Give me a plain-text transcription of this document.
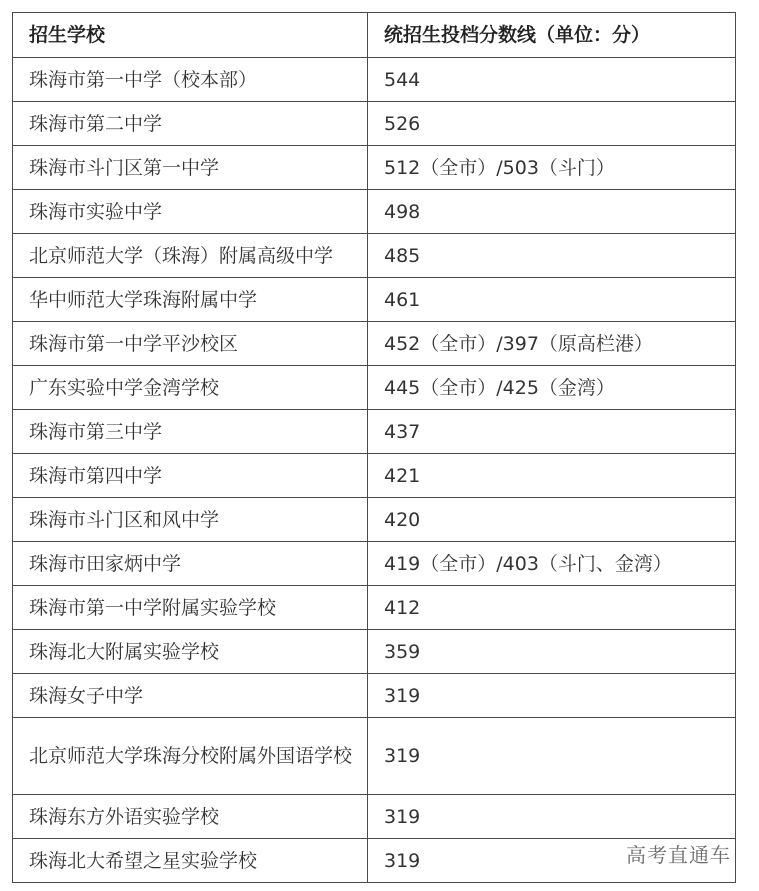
招生学校	统招生投档分数线（单位：分）
珠海市第一中学（校本部）	544
珠海市第二中学	526
珠海市斗门区第一中学	512（全市）/503（斗门）
珠海市实验中学	498
北京师范大学（珠海）附属高级中学	485
华中师范大学珠海附属中学	461
珠海市第一中学平沙校区	452（全市）/397（原高栏港）
广东实验中学金湾学校	445（全市）/425（金湾）
珠海市第三中学	437
珠海市第四中学	421
珠海市斗门区和风中学	420
珠海市田家炳中学	419（全市）/403（斗门、金湾）
珠海市第一中学附属实验学校	412
珠海北大附属实验学校	359
珠海女子中学	319
北京师范大学珠海分校附属外国语学校	319
珠海东方外语实验学校	319
珠海北大希望之星实验学校	319	高考直通车
